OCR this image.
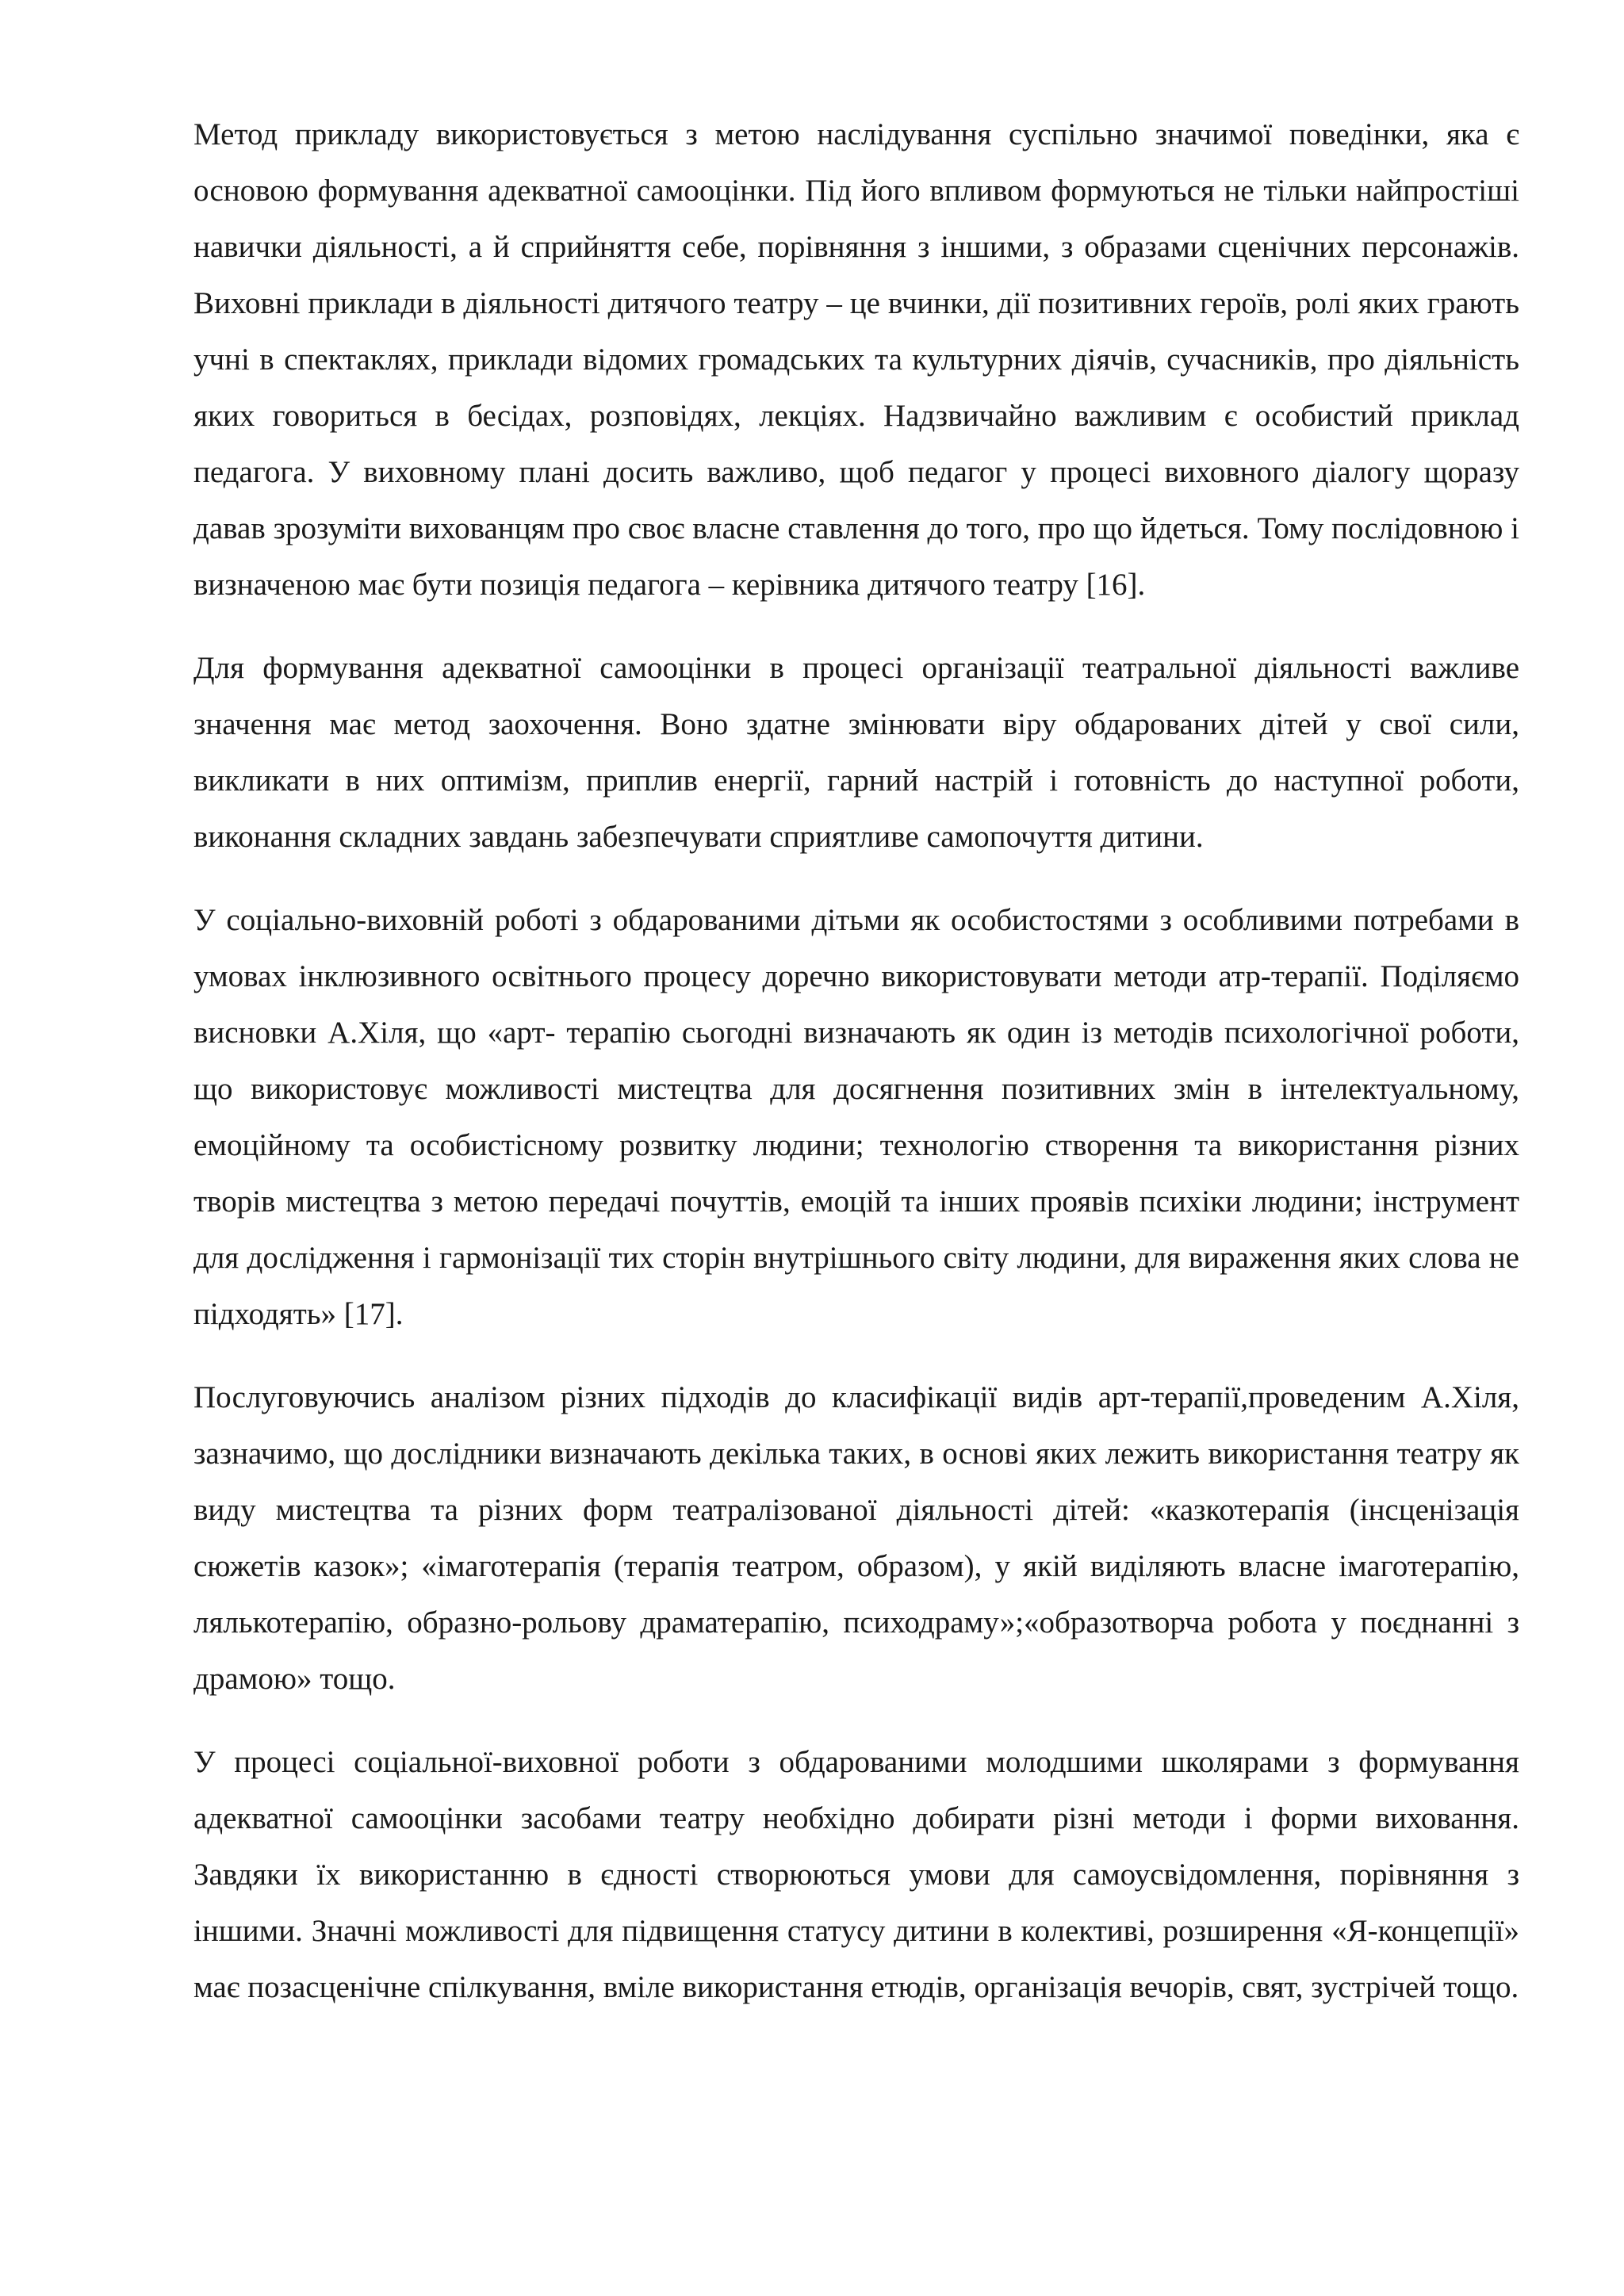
Метод прикладу використовується з метою наслідування суспільно значимої поведінки, яка є основою формування адекватної самооцінки. Під його впливом формуються не тільки найпростіші навички діяльності, а й сприйняття себе, порівняння з іншими, з образами сценічних персонажів. Виховні приклади в діяльності дитячого театру – це вчинки, дії позитивних героїв, ролі яких грають учні в спектаклях, приклади відомих громадських та культурних діячів, сучасників, про діяльність яких говориться в бесідах, розповідях, лекціях. Надзвичайно важливим є особистий приклад педагога. У виховному плані досить важливо, щоб педагог у процесі виховного діалогу щоразу давав зрозуміти вихованцям про своє власне ставлення до того, про що йдеться. Тому послідовною і визначеною має бути позиція педагога – керівника дитячого театру [16].

Для формування адекватної самооцінки в процесі організації театральної діяльності важливе значення має метод заохочення. Воно здатне змінювати віру обдарованих дітей у свої сили, викликати в них оптимізм, приплив енергії, гарний настрій і готовність до наступної роботи, виконання складних завдань забезпечувати сприятливе самопочуття дитини.

У соціально-виховній роботі з обдарованими дітьми як особистостями з особливими потребами в умовах інклюзивного освітнього процесу доречно використовувати методи атр-терапії. Поділяємо висновки А.Хіля, що «арт- терапію сьогодні визначають як один із методів психологічної роботи, що використовує можливості мистецтва для досягнення позитивних змін в інтелектуальному, емоційному та особистісному розвитку людини; технологію створення та використання різних творів мистецтва з метою передачі почуттів, емоцій та інших проявів психіки людини; інструмент для дослідження і гармонізації тих сторін внутрішнього світу людини, для вираження яких слова не підходять» [17].

Послуговуючись аналізом різних підходів до класифікації видів арт-терапії,проведеним А.Хіля, зазначимо, що дослідники визначають декілька таких, в основі яких лежить використання театру як виду мистецтва та різних форм театралізованої діяльності дітей: «казкотерапія (інсценізація сюжетів казок»; «імаготерапія (терапія театром, образом), у якій виділяють власне імаготерапію, лялькотерапію, образно-рольову драматерапію, психодраму»;«образотворча робота у поєднанні з драмою» тощо.

У процесі соціальної-виховної роботи з обдарованими молодшими школярами з формування адекватної самооцінки засобами театру необхідно добирати різні методи і форми виховання. Завдяки їх використанню в єдності створюються умови для самоусвідомлення, порівняння з іншими. Значні можливості для підвищення статусу дитини в колективі, розширення «Я-концепції» має позасценічне спілкування, вміле використання етюдів, організація вечорів, свят, зустрічей тощо.
